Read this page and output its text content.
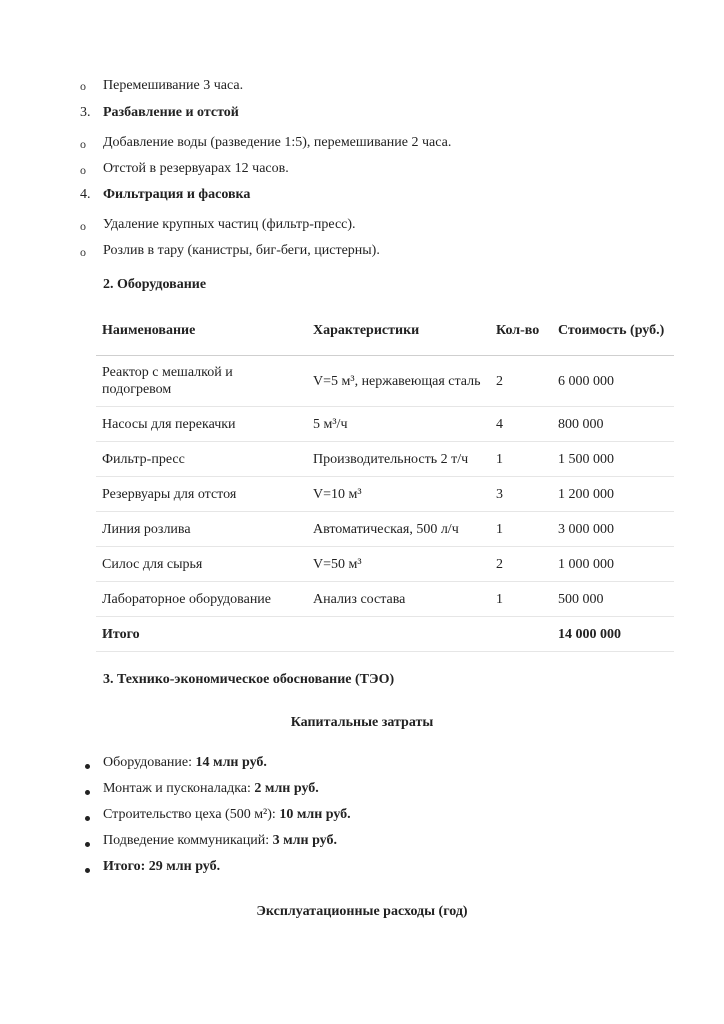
o Перемешивание 3 часа.
3. Разбавление и отстой
o Добавление воды (разведение 1:5), перемешивание 2 часа.
o Отстой в резервуарах 12 часов.
4. Фильтрация и фасовка
o Удаление крупных частиц (фильтр-пресс).
o Розлив в тару (канистры, биг-беги, цистерны).
2. Оборудование
Наименование	Характеристики	Кол-во	Стоимость (руб.)
Реактор с мешалкой и подогревом	V=5 м³, нержавеющая сталь	2	6 000 000
Насосы для перекачки	5 м³/ч	4	800 000
Фильтр-пресс	Производительность 2 т/ч	1	1 500 000
Резервуары для отстоя	V=10 м³	3	1 200 000
Линия розлива	Автоматическая, 500 л/ч	1	3 000 000
Силос для сырья	V=50 м³	2	1 000 000
Лабораторное оборудование	Анализ состава	1	500 000
Итого			14 000 000
3. Технико-экономическое обоснование (ТЭО)
Капитальные затраты
Оборудование: 14 млн руб.
Монтаж и пусконаладка: 2 млн руб.
Строительство цеха (500 м²): 10 млн руб.
Подведение коммуникаций: 3 млн руб.
Итого: 29 млн руб.
Эксплуатационные расходы (год)
